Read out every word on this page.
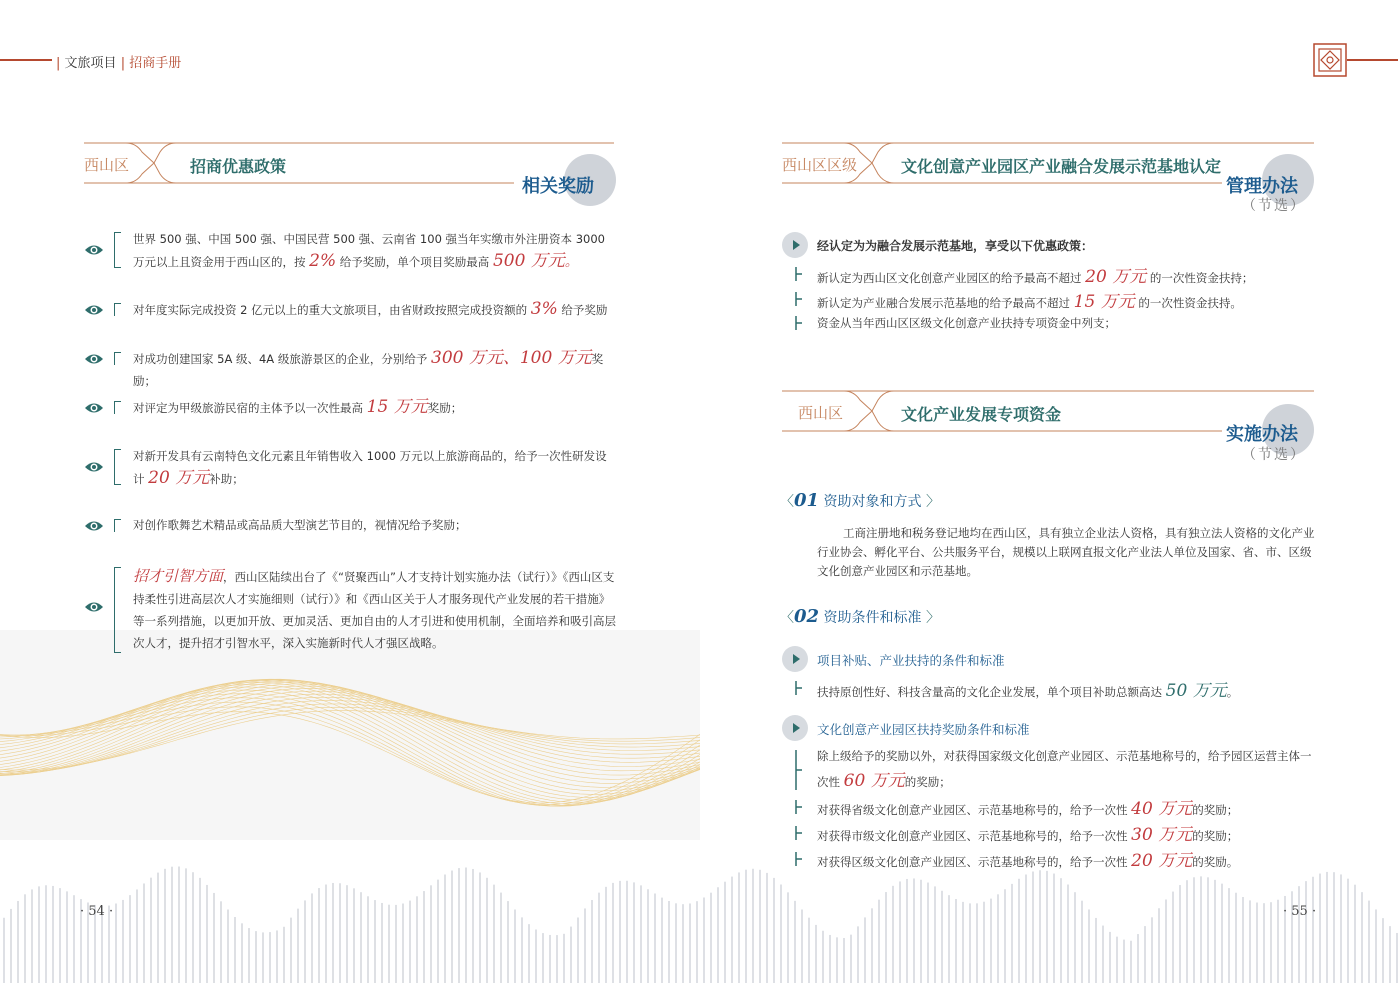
| 文旅项目 | 招商手册
西山区	招商优惠政策
相关奖励
世界 500 强、中国 500 强、中国民营 500 强、云南省 100 强当年实缴市外注册资本 3000 万元以上且资金用于西山区的，按 2% 给予奖励，单个项目奖励最高 500 万元。
对年度实际完成投资 2 亿元以上的重大文旅项目，由省财政按照完成投资额的 3% 给予奖励
对成功创建国家 5A 级、4A 级旅游景区的企业，分别给予 300 万元、100 万元奖励；
对评定为甲级旅游民宿的主体予以一次性最高 15 万元奖励；
对新开发具有云南特色文化元素且年销售收入 1000 万元以上旅游商品的，给予一次性研发设计 20 万元补助；
对创作歌舞艺术精品或高品质大型演艺节目的，视情况给予奖励；
招才引智方面，西山区陆续出台了《“贤聚西山”人才支持计划实施办法（试行）》《西山区支持柔性引进高层次人才实施细则（试行）》和《西山区关于人才服务现代产业发展的若干措施》等一系列措施，以更加开放、更加灵活、更加自由的人才引进和使用机制，全面培养和吸引高层次人才，提升招才引智水平，深入实施新时代人才强区战略。
· 54 ·
西山区区级	文化创意产业园区产业融合发展示范基地认定
管理办法
（节选）
经认定为为融合发展示范基地，享受以下优惠政策：
新认定为西山区文化创意产业园区的给予最高不超过 20 万元 的一次性资金扶持；
新认定为产业融合发展示范基地的给予最高不超过 15 万元 的一次性资金扶持。
资金从当年西山区区级文化创意产业扶持专项资金中列支；
西山区	文化产业发展专项资金
实施办法
（节选）
〈01 资助对象和方式 〉
工商注册地和税务登记地均在西山区，具有独立企业法人资格，具有独立法人资格的文化产业行业协会、孵化平台、公共服务平台，规模以上联网直报文化产业法人单位及国家、省、市、区级文化创意产业园区和示范基地。
〈02 资助条件和标准 〉
项目补贴、产业扶持的条件和标准
扶持原创性好、科技含量高的文化企业发展，单个项目补助总额高达 50 万元。
文化创意产业园区扶持奖励条件和标准
除上级给予的奖励以外，对获得国家级文化创意产业园区、示范基地称号的，给予园区运营主体一次性 60 万元的奖励；
对获得省级文化创意产业园区、示范基地称号的，给予一次性 40 万元的奖励；
对获得市级文化创意产业园区、示范基地称号的，给予一次性 30 万元的奖励；
对获得区级文化创意产业园区、示范基地称号的，给予一次性 20 万元的奖励。
· 55 ·
